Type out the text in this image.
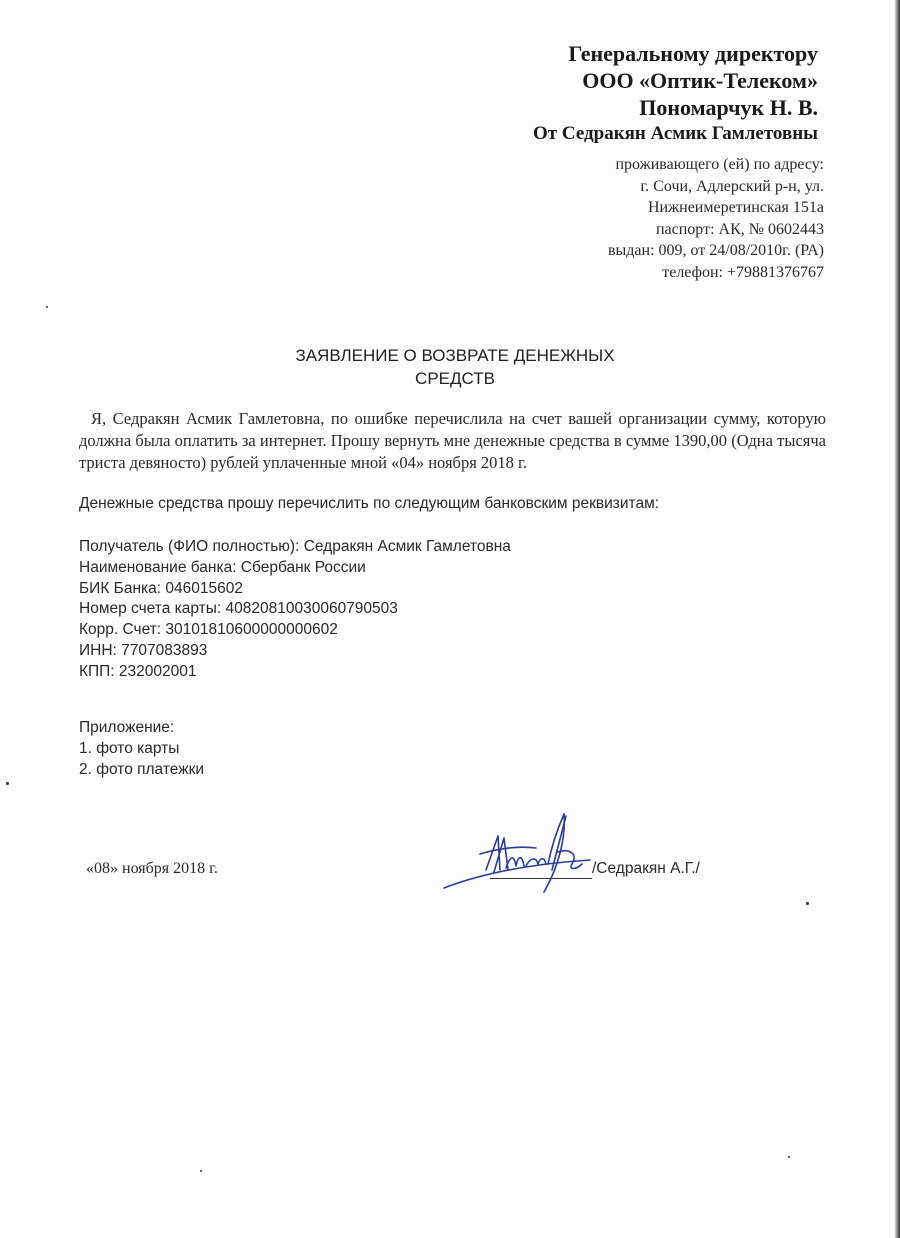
Генеральному директору
ООО «Оптик-Телеком»
Пономарчук Н. В.
От Седракян Асмик Гамлетовны
проживающего (ей) по адресу:
г. Сочи, Адлерский р-н, ул.
Нижнеимеретинская 151а
паспорт: АК, № 0602443
выдан: 009, от 24/08/2010г. (РА)
телефон: +79881376767
ЗАЯВЛЕНИЕ О ВОЗВРАТЕ ДЕНЕЖНЫХ
СРЕДСТВ
Я, Седракян Асмик Гамлетовна, по ошибке перечислила на счет вашей организации сумму, которую должна была оплатить за интернет. Прошу вернуть мне денежные средства в сумме 1390,00 (Одна тысяча триста девяносто) рублей уплаченные мной «04» ноября 2018 г.
Денежные средства прошу перечислить по следующим банковским реквизитам:
Получатель (ФИО полностью): Седракян Асмик Гамлетовна
Наименование банка: Сбербанк России
БИК Банка: 046015602
Номер счета карты: 40820810030060790503
Корр. Счет: 30101810600000000602
ИНН: 7707083893
КПП: 232002001
Приложение:
1. фото карты
2. фото платежки
«08» ноября 2018 г.	/Седракян А.Г./
